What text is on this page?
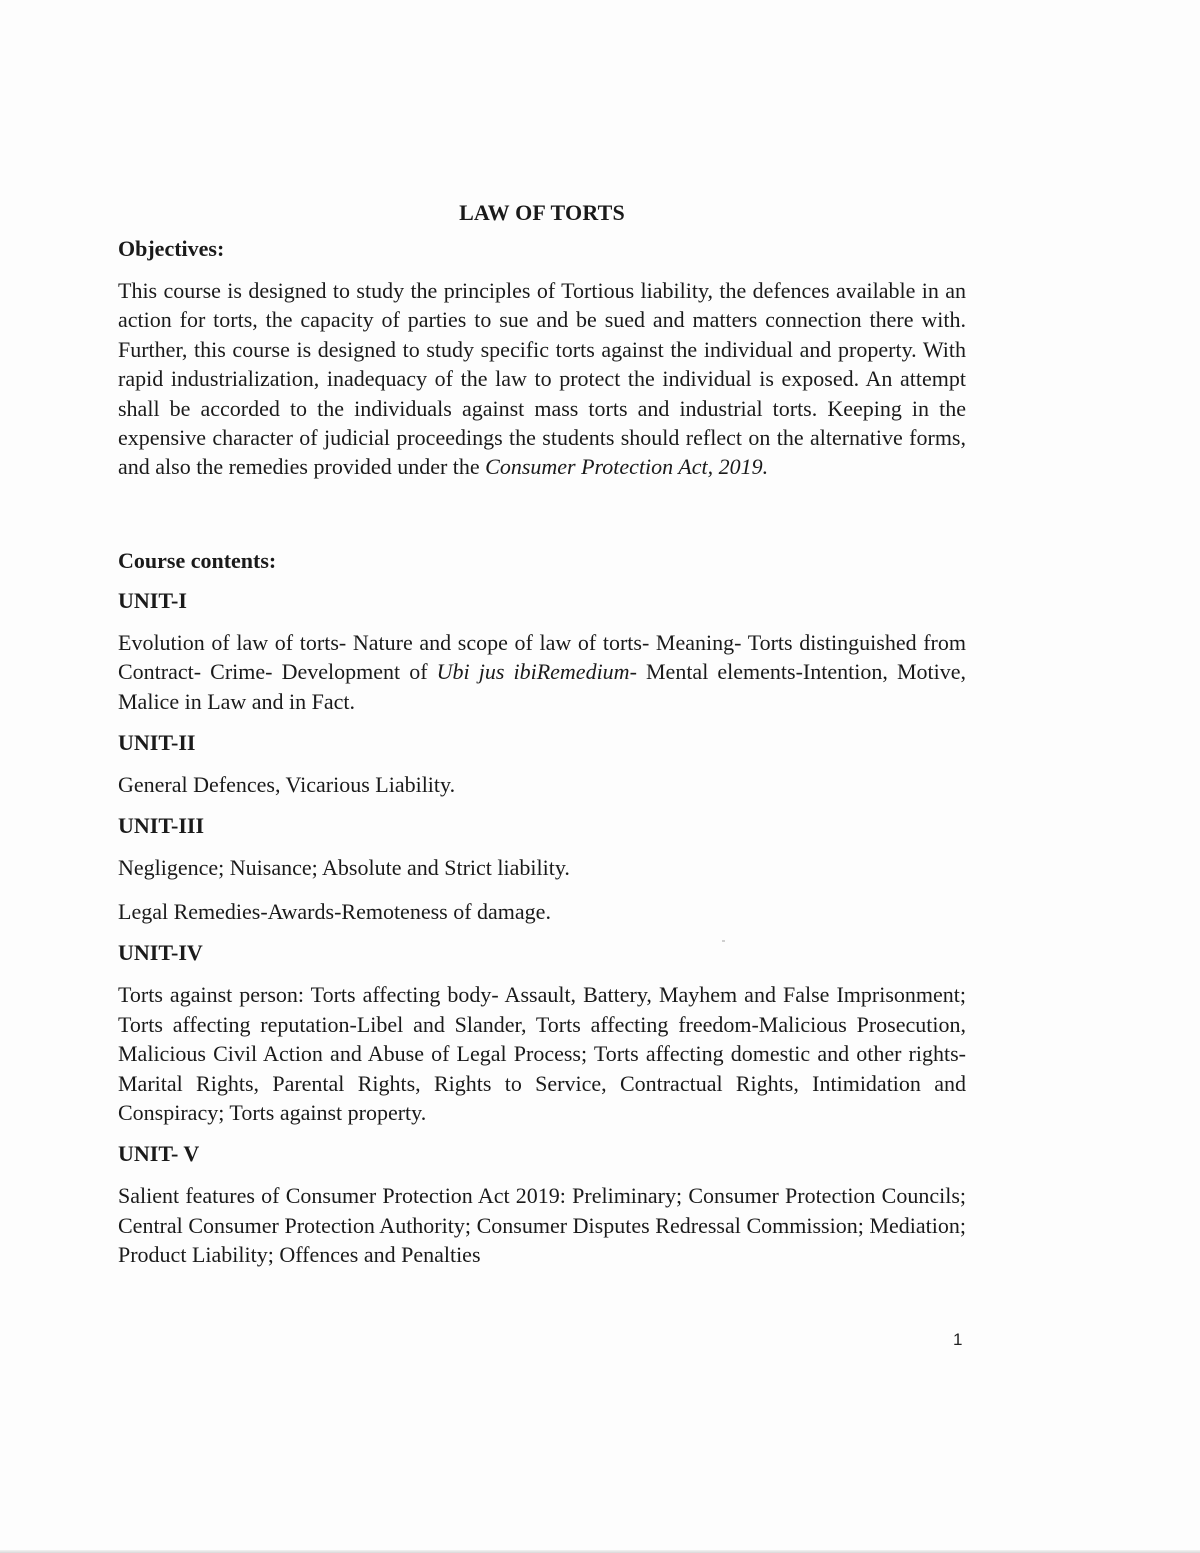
LAW OF TORTS
Objectives:

This course is designed to study the principles of Tortious liability, the defences available in an action for torts, the capacity of parties to sue and be sued and matters connection there with. Further, this course is designed to study specific torts against the individual and property. With rapid industrialization, inadequacy of the law to protect the individual is exposed. An attempt shall be accorded to the individuals against mass torts and industrial torts. Keeping in the expensive character of judicial proceedings the students should reflect on the alternative forms, and also the remedies provided under the Consumer Protection Act, 2019.

Course contents:
UNIT-I

Evolution of law of torts- Nature and scope of law of torts- Meaning- Torts distinguished from Contract- Crime- Development of Ubi jus ibiRemedium- Mental elements-Intention, Motive, Malice in Law and in Fact.

UNIT-II

General Defences, Vicarious Liability.

UNIT-III

Negligence; Nuisance; Absolute and Strict liability.

Legal Remedies-Awards-Remoteness of damage.

UNIT-IV

Torts against person: Torts affecting body- Assault, Battery, Mayhem and False Imprisonment; Torts affecting reputation-Libel and Slander, Torts affecting freedom-Malicious Prosecution, Malicious Civil Action and Abuse of Legal Process; Torts affecting domestic and other rights-Marital Rights, Parental Rights, Rights to Service, Contractual Rights, Intimidation and Conspiracy; Torts against property.

UNIT- V

Salient features of Consumer Protection Act 2019: Preliminary; Consumer Protection Councils; Central Consumer Protection Authority; Consumer Disputes Redressal Commission; Mediation; Product Liability; Offences and Penalties

1
